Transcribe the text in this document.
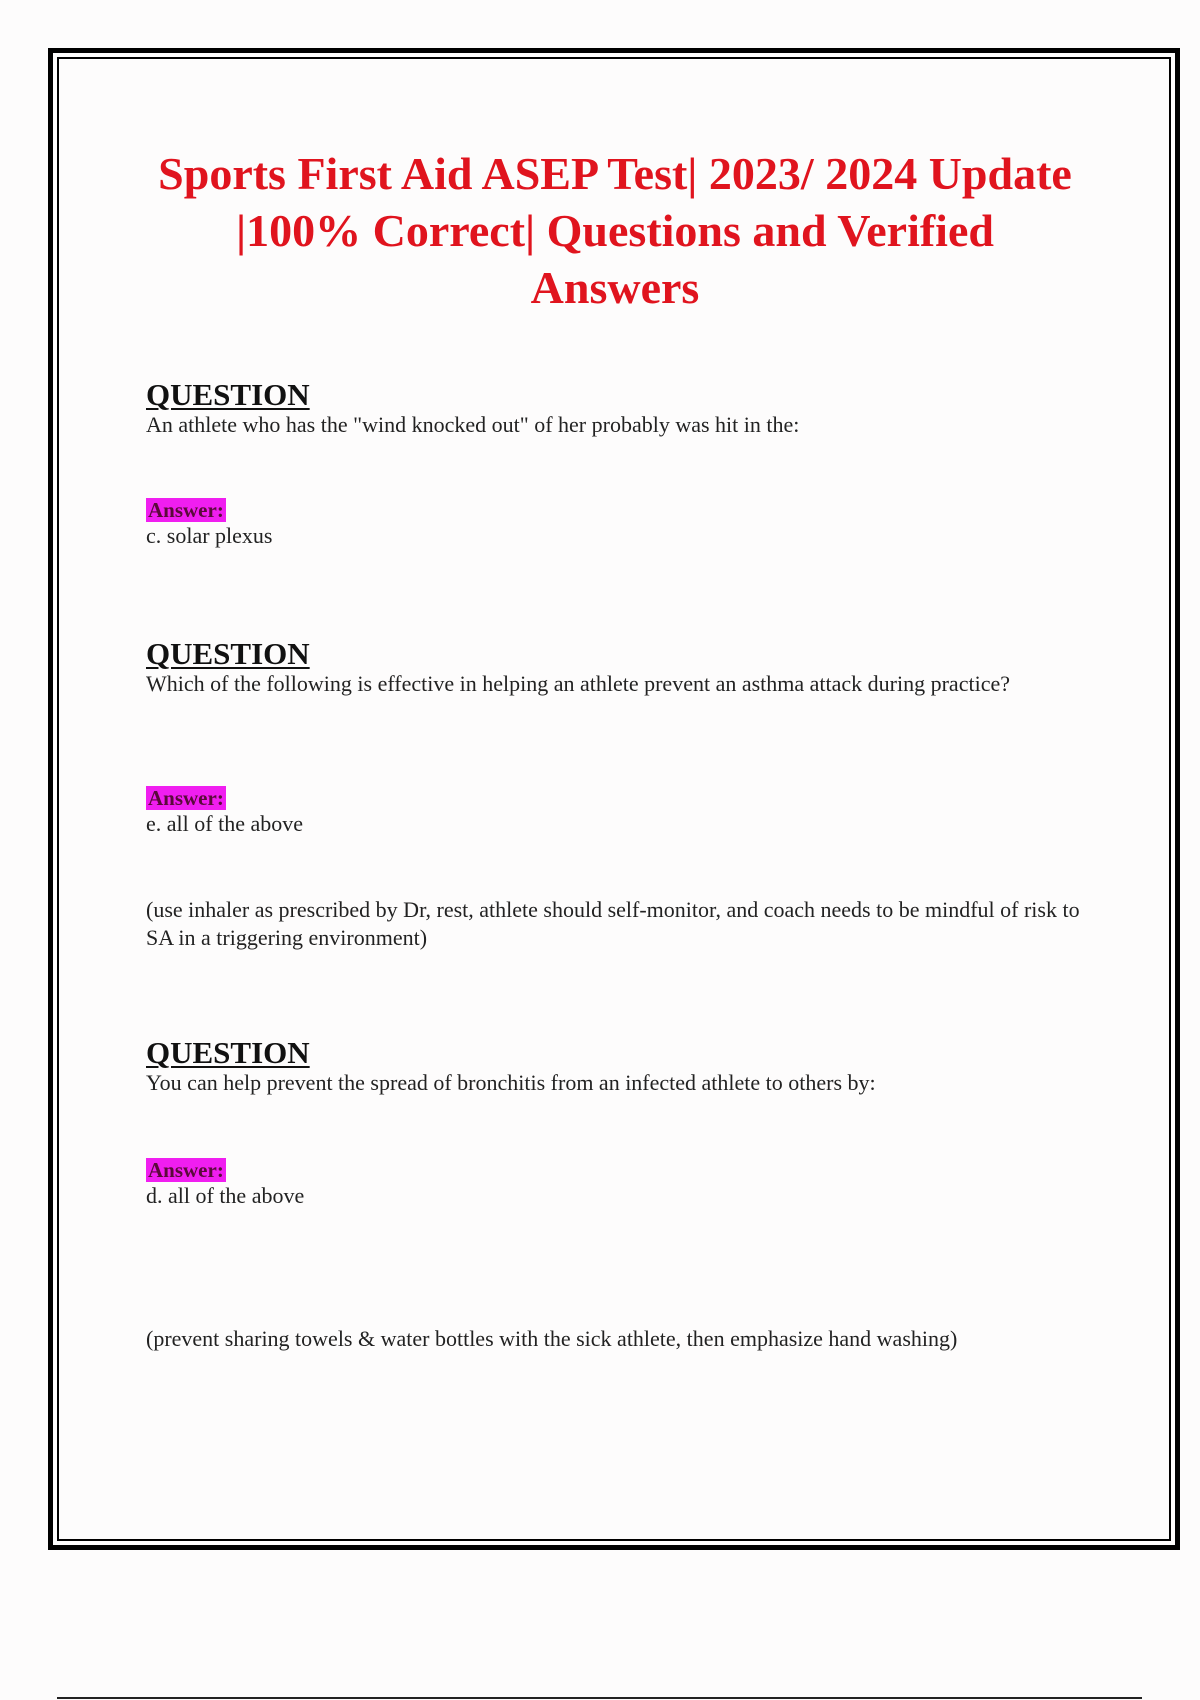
Sports First Aid ASEP Test| 2023/ 2024 Update |100% Correct| Questions and Verified Answers
QUESTION

An athlete who has the "wind knocked out" of her probably was hit in the:

Answer:

c. solar plexus

QUESTION

Which of the following is effective in helping an athlete prevent an asthma attack during practice?

Answer:

e. all of the above

(use inhaler as prescribed by Dr, rest, athlete should self-monitor, and coach needs to be mindful of risk to SA in a triggering environment)

QUESTION

You can help prevent the spread of bronchitis from an infected athlete to others by:

Answer:

d. all of the above

(prevent sharing towels & water bottles with the sick athlete, then emphasize hand washing)
